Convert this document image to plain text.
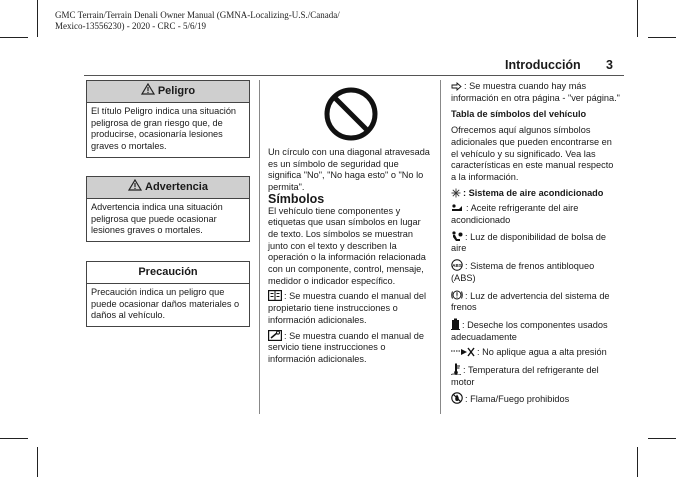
GMC Terrain/Terrain Denali Owner Manual (GMNA-Localizing-U.S./Canada/
Mexico-13556230) - 2020 - CRC - 5/6/19
Introducción 3
Peligro
El título Peligro indica una situación peligrosa de gran riesgo que, de producirse, ocasionaría lesiones graves o mortales.
Advertencia
Advertencia indica una situación peligrosa que puede ocasionar lesiones graves o mortales.
Precaución
Precaución indica un peligro que puede ocasionar daños materiales o daños al vehículo.

Un círculo con una diagonal atravesada es un símbolo de seguridad que significa "No", "No haga esto" o "No lo permita".

Símbolos

El vehículo tiene componentes y etiquetas que usan símbolos en lugar de texto. Los símbolos se muestran junto con el texto y describen la operación o la información relacionada con un componente, control, mensaje, medidor o indicador específico.

: Se muestra cuando el manual del propietario tiene instrucciones o información adicionales.

: Se muestra cuando el manual de servicio tiene instrucciones o información adicionales.

: Se muestra cuando hay más información en otra página - "ver página."

Tabla de símbolos del vehículo

Ofrecemos aquí algunos símbolos adicionales que pueden encontrarse en el vehículo y su significado. Vea las características en este manual respecto a la información.

: Sistema de aire acondicionado

: Aceite refrigerante del aire acondicionado

: Luz de disponibilidad de bolsa de aire

ABS : Sistema de frenos antibloqueo (ABS)

: Luz de advertencia del sistema de frenos

: Deseche los componentes usados adecuadamente

: No aplique agua a alta presión

: Temperatura del refrigerante del motor

: Flama/Fuego prohibidos
